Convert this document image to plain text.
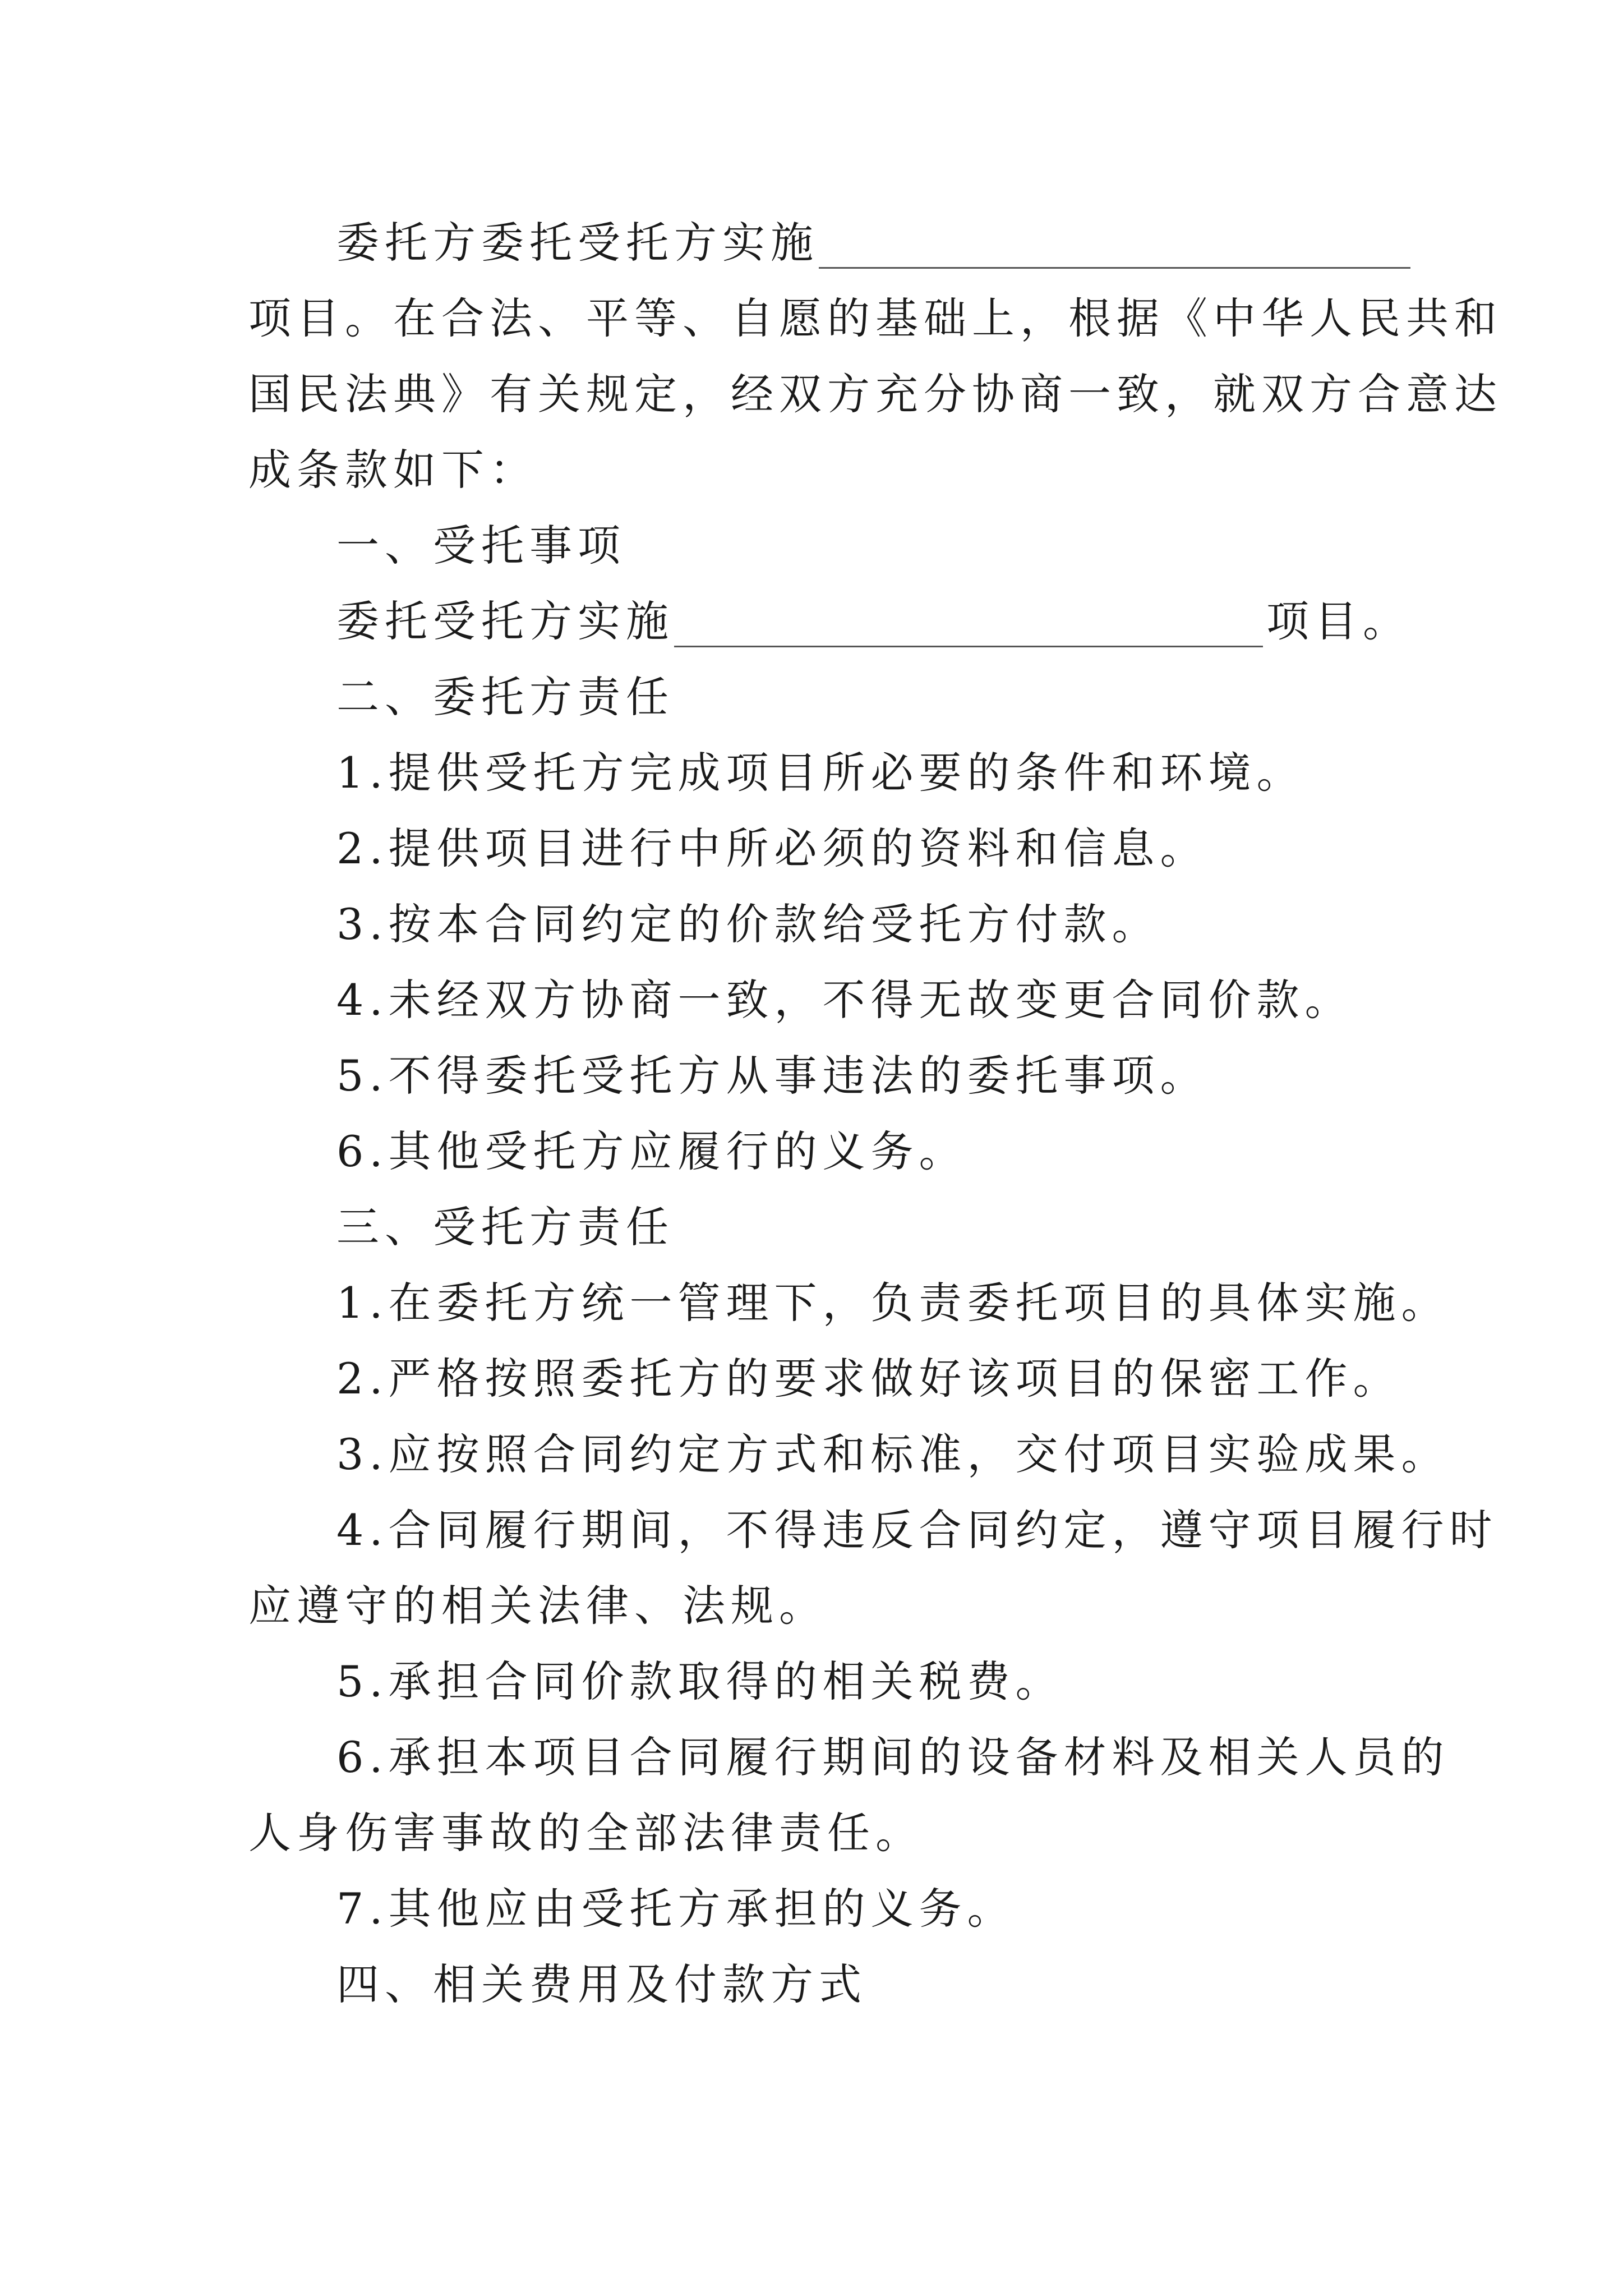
委托方委托受托方实施
项目。在合法、平等、自愿的基础上，根据《中华人民共和
国民法典》有关规定，经双方充分协商一致，就双方合意达
成条款如下：
一、受托事项
委托受托方实施	项目。
二、委托方责任
1.提供受托方完成项目所必要的条件和环境。
2.提供项目进行中所必须的资料和信息。
3.按本合同约定的价款给受托方付款。
4.未经双方协商一致，不得无故变更合同价款。
5.不得委托受托方从事违法的委托事项。
6.其他受托方应履行的义务。
三、受托方责任
1.在委托方统一管理下，负责委托项目的具体实施。
2.严格按照委托方的要求做好该项目的保密工作。
3.应按照合同约定方式和标准，交付项目实验成果。
4.合同履行期间，不得违反合同约定，遵守项目履行时
应遵守的相关法律、法规。
5.承担合同价款取得的相关税费。
6.承担本项目合同履行期间的设备材料及相关人员的
人身伤害事故的全部法律责任。
7.其他应由受托方承担的义务。
四、相关费用及付款方式
